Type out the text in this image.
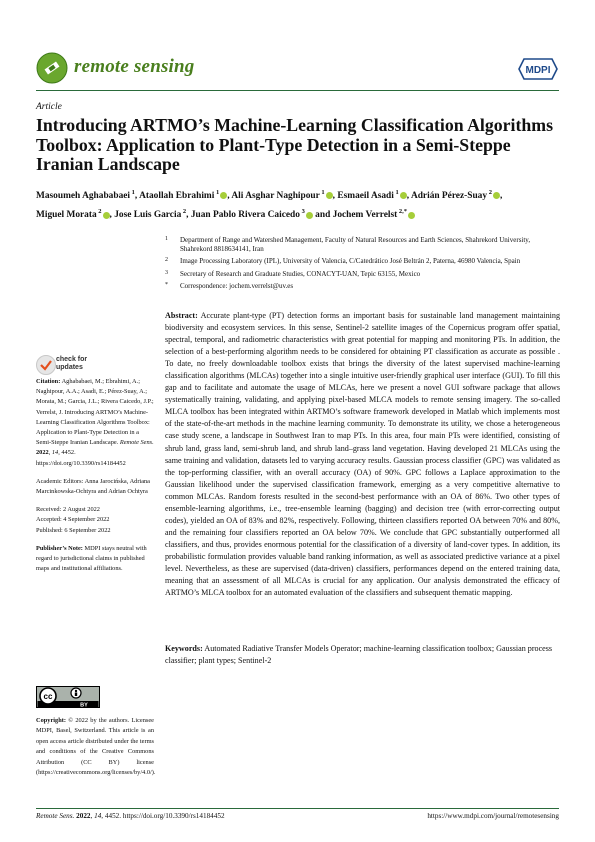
remote sensing	MDPI
Article
Introducing ARTMO’s Machine-Learning Classification Algorithms Toolbox: Application to Plant-Type Detection in a Semi-Steppe Iranian Landscape
Masoumeh Aghababaei $^1$, Ataollah Ebrahimi $^1$ , Ali Asghar Naghipour $^1$ , Esmaeil Asadi $^1$ , Adrián Pérez-Suay $^2$ ,
Miguel Morata $^2$ , Jose Luis Garcia $^2$, Juan Pablo Rivera Caicedo $^3$ and Jochem Verrelst $^{2,*}$
1 Department of Range and Watershed Management, Faculty of Natural Resources and Earth Sciences, Shahrekord University, Shahrekord 8818634141, Iran
2 Image Processing Laboratory (IPL), University of Valencia, C/Catedrático José Beltrán 2, Paterna, 46980 Valencia, Spain
3 Secretary of Research and Graduate Studies, CONACYT-UAN, Tepic 63155, Mexico
* Correspondence: jochem.verrelst@uv.es
Abstract: Accurate plant-type (PT) detection forms an important basis for sustainable land management maintaining biodiversity and ecosystem services. In this sense, Sentinel-2 satellite images of the Copernicus program offer spatial, spectral, temporal, and radiometric characteristics with great potential for mapping and monitoring PTs. In addition, the selection of a best-performing algorithm needs to be considered for obtaining PT classification as accurate as possible . To date, no freely downloadable toolbox exists that brings the diversity of the latest supervised machine-learning classification algorithms (MLCAs) together into a single intuitive user-friendly graphical user interface (GUI). To fill this gap and to facilitate and automate the usage of MLCAs, here we present a novel GUI software package that allows systematically training, validating, and applying pixel-based MLCA models to remote sensing imagery. The so-called MLCA toolbox has been integrated within ARTMO’s software framework developed in Matlab which implements most of the state-of-the-art methods in the machine learning community. To demonstrate its utility, we chose a heterogeneous case study scene, a landscape in Southwest Iran to map PTs. In this area, four main PTs were identified, consisting of shrub land, grass land, semi-shrub land, and shrub land–grass land vegetation. Having developed 21 MLCAs using the same training and validation, datasets led to varying accuracy results. Gaussian process classifier (GPC) was validated as the top-performing classifier, with an overall accuracy (OA) of 90%. GPC follows a Laplace approximation to the Gaussian likelihood under the supervised classification framework, emerging as a very competitive alternative to common MLCAs. Random forests resulted in the second-best performance with an OA of 86%. Two other types of ensemble-learning algorithms, i.e., tree-ensemble learning (bagging) and decision tree (with error-correcting output codes), yielded an OA of 83% and 82%, respectively. Following, thirteen classifiers reported OA between 70% and 80%, and the remaining four classifiers reported an OA below 70%. We conclude that GPC substantially outperformed all classifiers, and thus, provides enormous potential for the classification of a diversity of land-cover types. In addition, its probabilistic formulation provides valuable band ranking information, as well as associated predictive variance at a pixel level. Nevertheless, as these are supervised (data-driven) classifiers, performances depend on the entered training data, meaning that an assessment of all MLCAs is crucial for any application. Our analysis demonstrated the efficacy of ARTMO’s MLCA toolbox for an automated evaluation of the classifiers and subsequent thematic mapping.
Keywords: Automated Radiative Transfer Models Operator; machine-learning classification toolbox; Gaussian process classifier; plant types; Sentinel-2
check for updates
Citation: Aghababaei, M.; Ebrahimi, A.; Naghipour, A.A.; Asadi, E.; Pérez-Suay, A.; Morata, M.; Garcia, J.L.; Rivera Caicedo, J.P.; Verrelst, J. Introducing ARTMO’s Machine-Learning Classification Algorithms Toolbox: Application to Plant-Type Detection in a Semi-Steppe Iranian Landscape. Remote Sens. 2022, 14, 4452. https://doi.org/10.3390/rs14184452
Academic Editors: Anna Jarocińska, Adriana Marcinkowska-Ochtyra and Adrian Ochtyra
Received: 2 August 2022
Accepted: 4 September 2022
Published: 6 September 2022
Publisher’s Note: MDPI stays neutral with regard to jurisdictional claims in published maps and institutional affiliations.
cc
BY
Copyright: © 2022 by the authors. Licensee MDPI, Basel, Switzerland. This article is an open access article distributed under the terms and conditions of the Creative Commons Attribution (CC BY) license (https://creativecommons.org/licenses/by/4.0/).
Remote Sens. 2022, 14, 4452. https://doi.org/10.3390/rs14184452	https://www.mdpi.com/journal/remotesensing
